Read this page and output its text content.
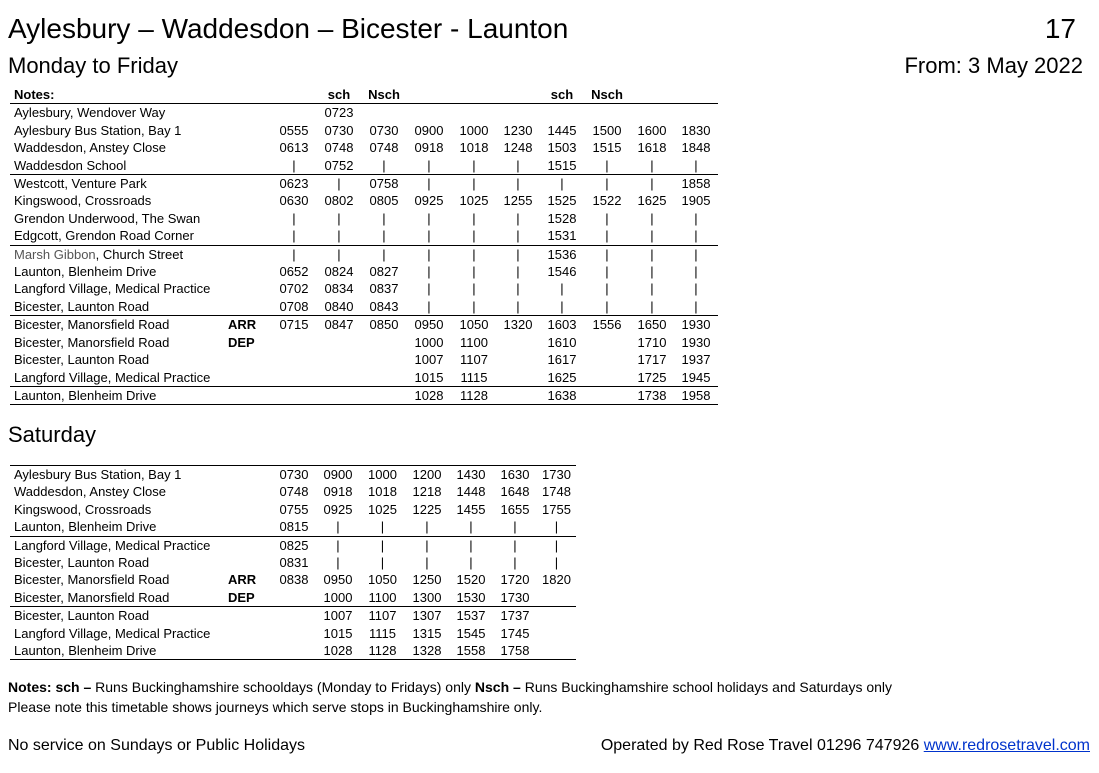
Aylesbury – Waddesdon – Bicester - Launton	17
Monday to Friday	From: 3 May 2022
Notes:			sch	Nsch				sch	Nsch		
Aylesbury, Wendover Way			0723								
Aylesbury Bus Station, Bay 1		0555	0730	0730	0900	1000	1230	1445	1500	1600	1830
Waddesdon, Anstey Close		0613	0748	0748	0918	1018	1248	1503	1515	1618	1848
Waddesdon School		|	0752	|	|	|	|	1515	|	|	|
Westcott, Venture Park		0623	|	0758	|	|	|	|	|	|	1858
Kingswood, Crossroads		0630	0802	0805	0925	1025	1255	1525	1522	1625	1905
Grendon Underwood, The Swan		|	|	|	|	|	|	1528	|	|	|
Edgcott, Grendon Road Corner		|	|	|	|	|	|	1531	|	|	|
Marsh Gibbon, Church Street		|	|	|	|	|	|	1536	|	|	|
Launton, Blenheim Drive		0652	0824	0827	|	|	|	1546	|	|	|
Langford Village, Medical Practice		0702	0834	0837	|	|	|	|	|	|	|
Bicester, Launton Road		0708	0840	0843	|	|	|	|	|	|	|
Bicester, Manorsfield Road	ARR	0715	0847	0850	0950	1050	1320	1603	1556	1650	1930
Bicester, Manorsfield Road	DEP				1000	1100		1610		1710	1930
Bicester, Launton Road					1007	1107		1617		1717	1937
Langford Village, Medical Practice					1015	1115		1625		1725	1945
Launton, Blenheim Drive					1028	1128		1638		1738	1958
Saturday
Aylesbury Bus Station, Bay 1		0730	0900	1000	1200	1430	1630	1730
Waddesdon, Anstey Close		0748	0918	1018	1218	1448	1648	1748
Kingswood, Crossroads		0755	0925	1025	1225	1455	1655	1755
Launton, Blenheim Drive		0815	|	|	|	|	|	|
Langford Village, Medical Practice		0825	|	|	|	|	|	|
Bicester, Launton Road		0831	|	|	|	|	|	|
Bicester, Manorsfield Road	ARR	0838	0950	1050	1250	1520	1720	1820
Bicester, Manorsfield Road	DEP		1000	1100	1300	1530	1730	
Bicester, Launton Road			1007	1107	1307	1537	1737	
Langford Village, Medical Practice			1015	1115	1315	1545	1745	
Launton, Blenheim Drive			1028	1128	1328	1558	1758	
Notes: sch – Runs Buckinghamshire schooldays (Monday to Fridays) only Nsch – Runs Buckinghamshire school holidays and Saturdays only
Please note this timetable shows journeys which serve stops in Buckinghamshire only.
No service on Sundays or Public Holidays	Operated by Red Rose Travel 01296 747926 www.redrosetravel.com
